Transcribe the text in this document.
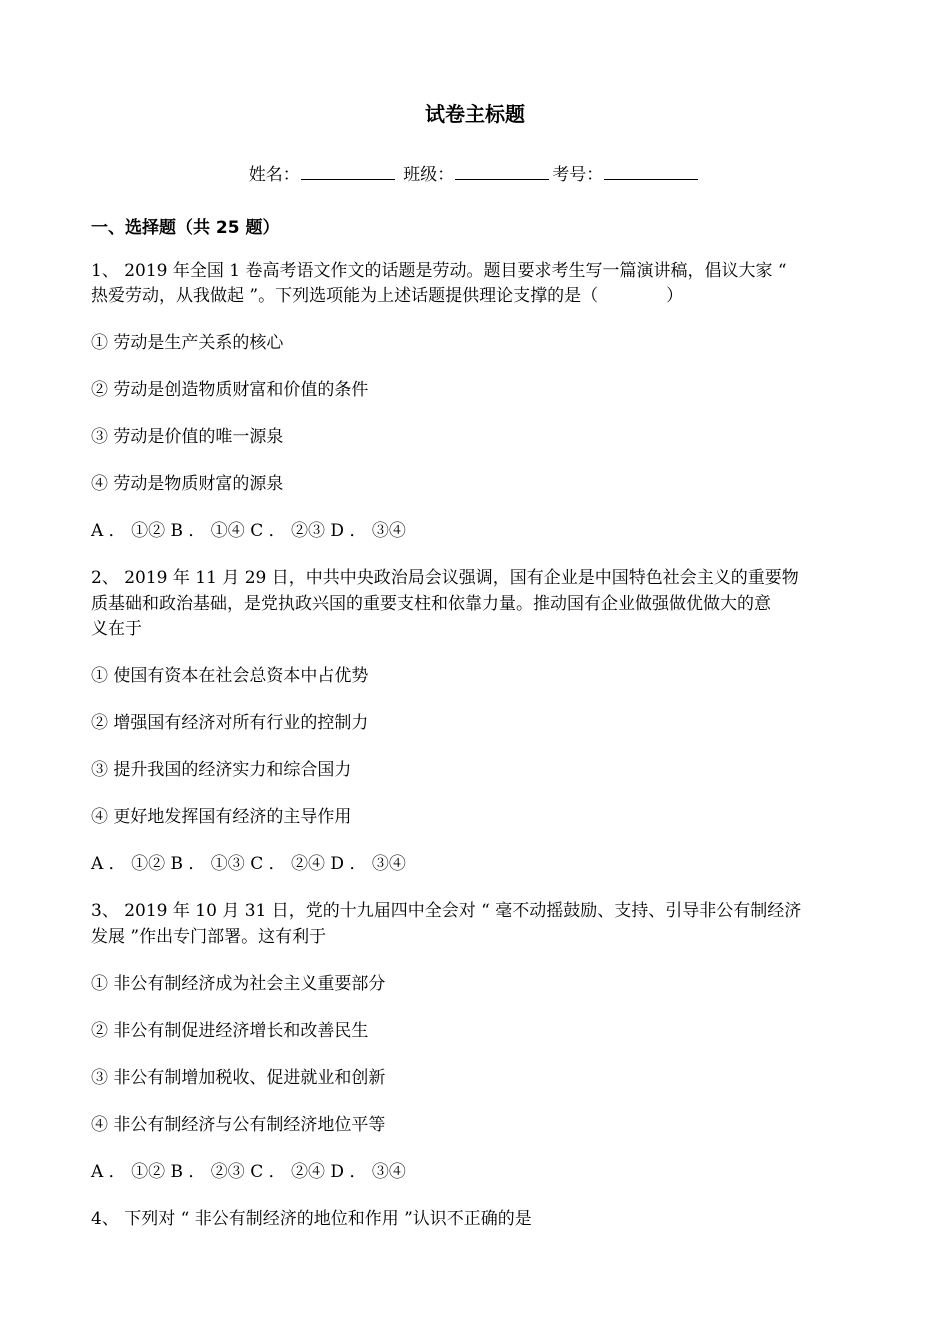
试卷主标题
姓名：	班级：	考号：
一、选择题（共 25 题）
1、 2019 年全国 1 卷高考语文作文的话题是劳动。题目要求考生写一篇演讲稿，倡议大家 “
热爱劳动，从我做起 ”。下列选项能为上述话题提供理论支撑的是（　　　　）
① 劳动是生产关系的核心
② 劳动是创造物质财富和价值的条件
③ 劳动是价值的唯一源泉
④ 劳动是物质财富的源泉
A ． ①② B ． ①④ C ． ②③ D ． ③④
2、 2019 年 11 月 29 日，中共中央政治局会议强调，国有企业是中国特色社会主义的重要物
质基础和政治基础，是党执政兴国的重要支柱和依靠力量。推动国有企业做强做优做大的意
义在于
① 使国有资本在社会总资本中占优势
② 增强国有经济对所有行业的控制力
③ 提升我国的经济实力和综合国力
④ 更好地发挥国有经济的主导作用
A ． ①② B ． ①③ C ． ②④ D ． ③④
3、 2019 年 10 月 31 日，党的十九届四中全会对 “ 毫不动摇鼓励、支持、引导非公有制经济
发展 ”作出专门部署。这有利于
① 非公有制经济成为社会主义重要部分
② 非公有制促进经济增长和改善民生
③ 非公有制增加税收、促进就业和创新
④ 非公有制经济与公有制经济地位平等
A ． ①② B ． ②③ C ． ②④ D ． ③④
4、 下列对 “ 非公有制经济的地位和作用 ”认识不正确的是
